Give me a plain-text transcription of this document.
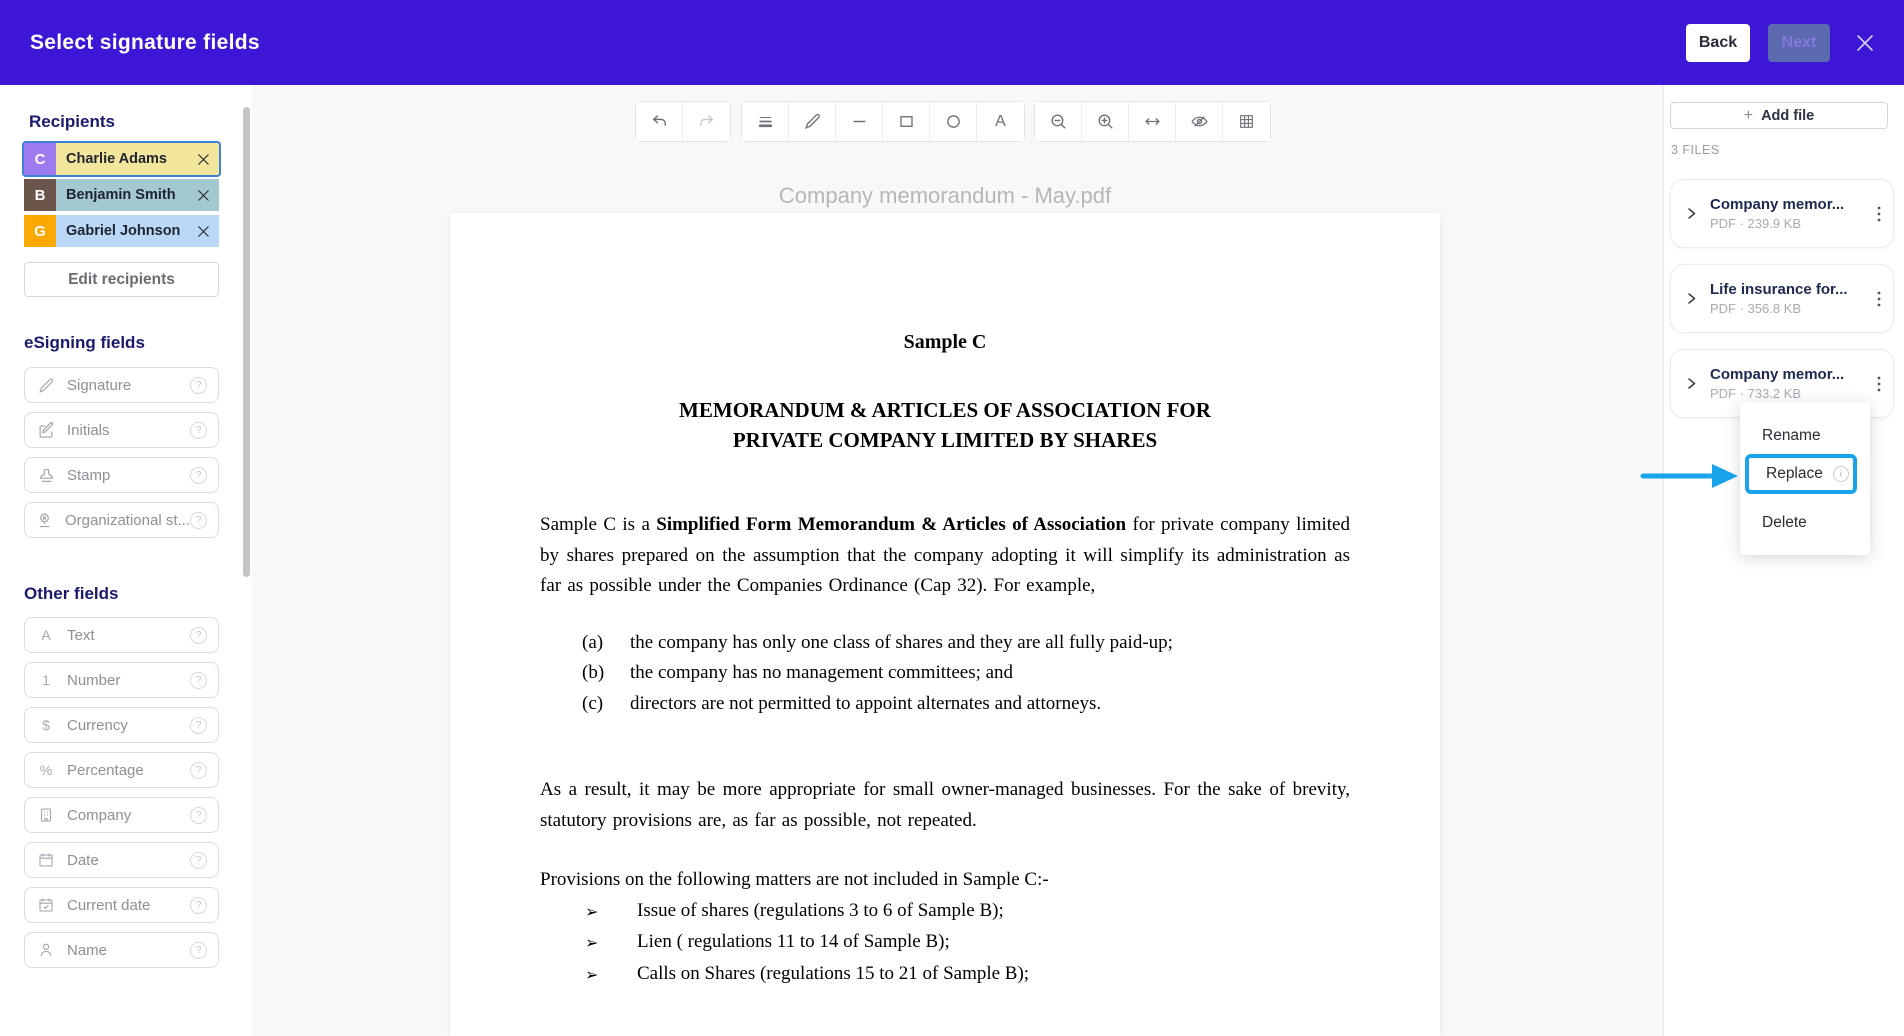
Select signature fields	Back	Next
Recipients
C	Charlie Adams
B	Benjamin Smith
G	Gabriel Johnson
Edit recipients
eSigning fields
Signature	?
Initials	?
Stamp	?
Organizational st... ?
Other fields
A	Text	?
1	Number	?
$	Currency	?
% Percentage	?
Company	?
Date	?
Current date	?
Name	?
A
Company memorandum - May.pdf
Sample C
MEMORANDUM & ARTICLES OF ASSOCIATION FOR
PRIVATE COMPANY LIMITED BY SHARES

Sample C is a Simplified Form Memorandum & Articles of Association for private company limited by shares prepared on the assumption that the company adopting it will simplify its administration as far as possible under the Companies Ordinance (Cap 32). For example,

(a)	the company has only one class of shares and they are all fully paid-up;
(b)	the company has no management committees; and
(c)	directors are not permitted to appoint alternates and attorneys.

As a result, it may be more appropriate for small owner-managed businesses. For the sake of brevity, statutory provisions are, as far as possible, not repeated.

Provisions on the following matters are not included in Sample C:-

➢	Issue of shares (regulations 3 to 6 of Sample B);
➢	Lien ( regulations 11 to 14 of Sample B);
➢	Calls on Shares (regulations 15 to 21 of Sample B);
+ Add file
3 FILES
Company memor...
PDF · 239.9 KB
Life insurance for...
PDF · 356.8 KB
Company memor...
PDF · 733.2 KB
Rename
Replace	i
Delete
